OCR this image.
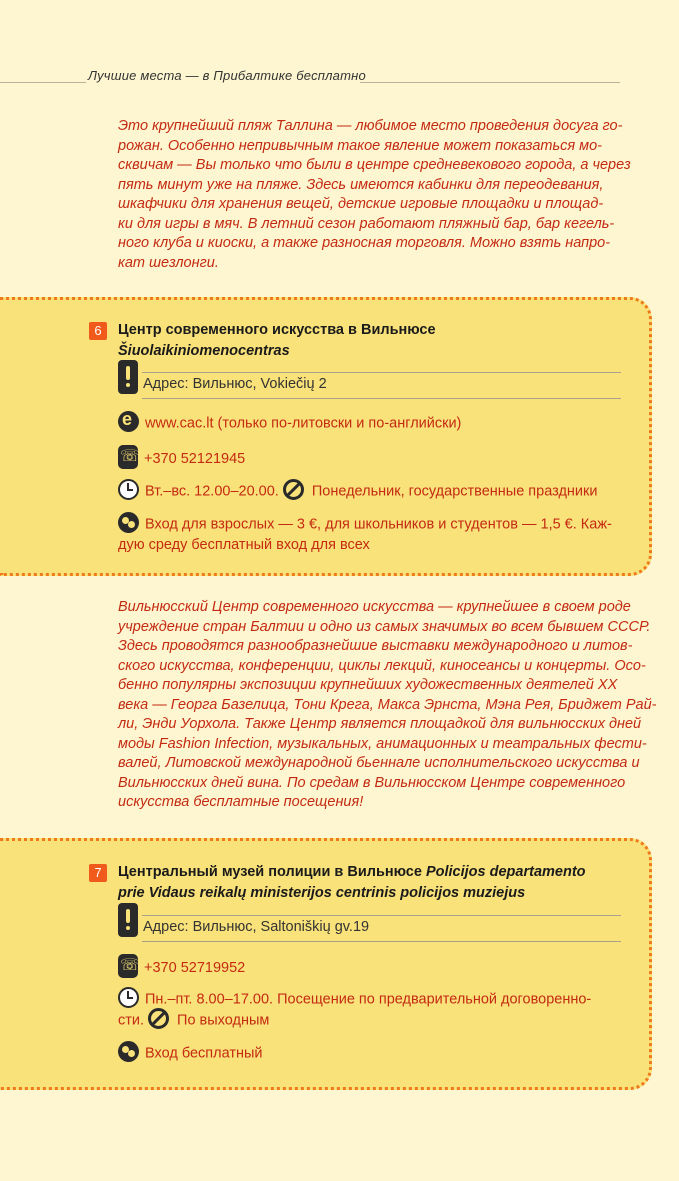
Лучшие места — в Прибалтике бесплатно

Это крупнейший пляж Таллина — любимое место проведения досуга го-
рожан. Особенно непривычным такое явление может показаться мо-
сквичам — Вы только что были в центре средневекового города, а через
пять минут уже на пляже. Здесь имеются кабинки для переодевания,
шкафчики для хранения вещей, детские игровые площадки и площад-
ки для игры в мяч. В летний сезон работают пляжный бар, бар кегель-
ного клуба и киоски, а также разносная торговля. Можно взять напро-
кат шезлонги.

6	Центр современного искусства в Вильнюсе
Šiuolaikiniomenocentras
Адрес: Вильнюс, Vokiečių 2
ewww.cac.lt (только по-литовски и по-английски)
☏+370 52121945
Вт.–вс. 12.00–20.00. Понедельник, государственные праздники
Вход для взрослых — 3 €, для школьников и студентов — 1,5 €. Каж-
дую среду бесплатный вход для всех

Вильнюсский Центр современного искусства — крупнейшее в своем роде
учреждение стран Балтии и одно из самых значимых во всем бывшем СССР.
Здесь проводятся разнообразнейшие выставки международного и литов-
ского искусства, конференции, циклы лекций, киносеансы и концерты. Осо-
бенно популярны экспозиции крупнейших художественных деятелей XX
века — Георга Базелица, Тони Крега, Макса Эрнста, Мэна Рея, Бриджет Рай-
ли, Энди Уорхола. Также Центр является площадкой для вильнюсских дней
моды Fashion Infection, музыкальных, анимационных и театральных фести-
валей, Литовской международной бьеннале исполнительского искусства и
Вильнюсских дней вина. По средам в Вильнюсском Центре современного
искусства бесплатные посещения!

7	Центральный музей полиции в Вильнюсе Policijos departamento
prie Vidaus reikalų ministerijos centrinis policijos muziejus
Адрес: Вильнюс, Saltoniškių gv.19
☏+370 52719952
Пн.–пт. 8.00–17.00. Посещение по предварительной договоренно-
сти. По выходным
Вход бесплатный
